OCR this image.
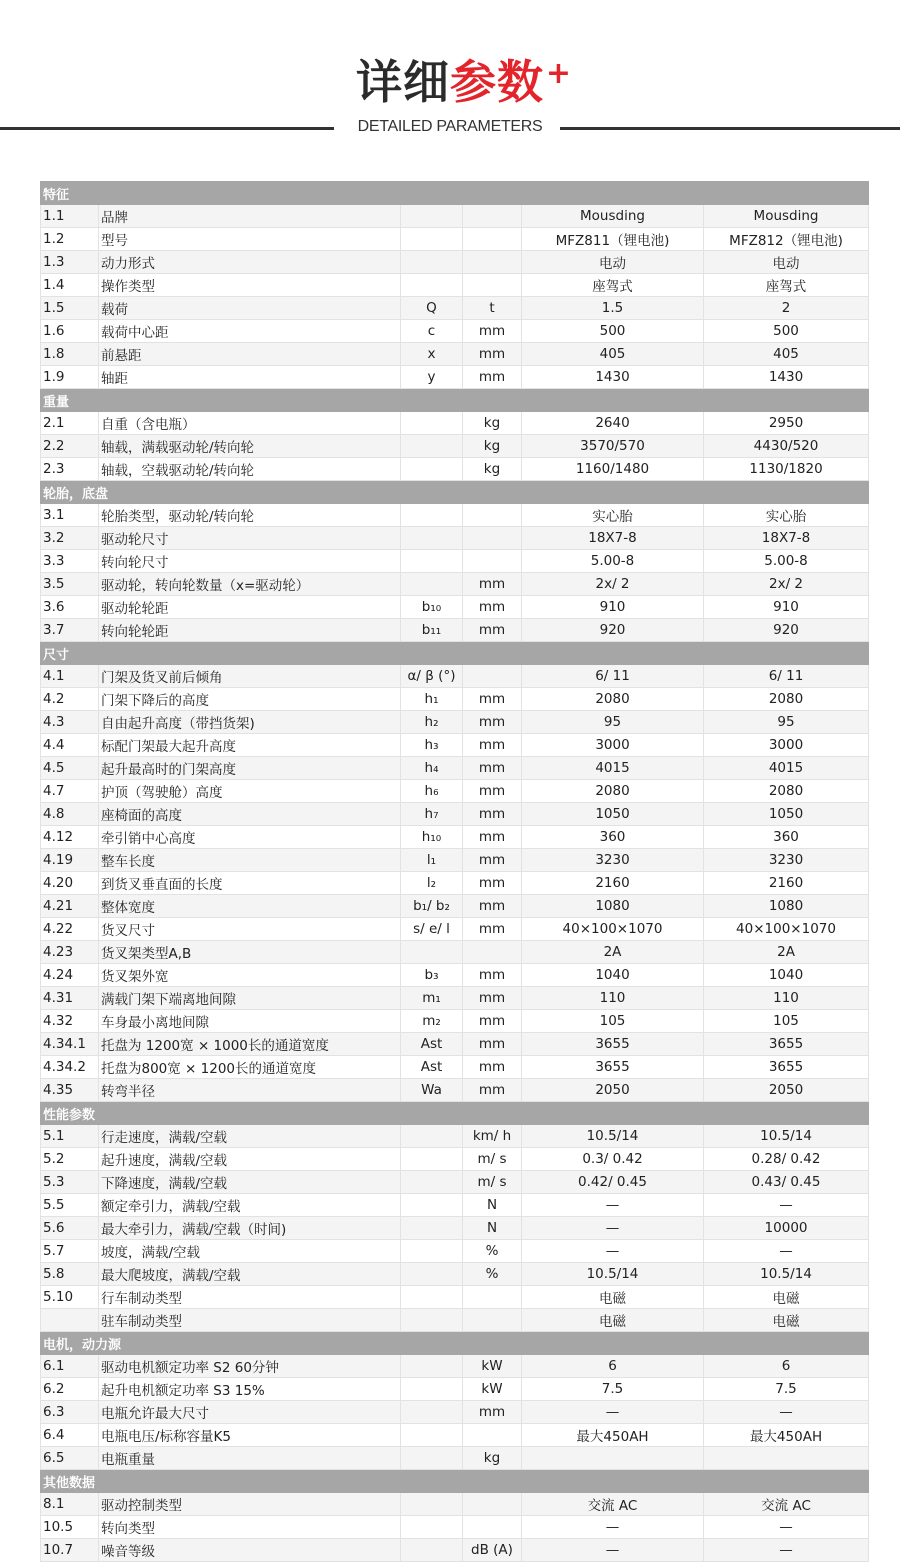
详细参数 +
DETAILED PARAMETERS
特征					
1.1	品牌			Mousding	Mousding
1.2	型号			MFZ811（锂电池)	MFZ812（锂电池)
1.3	动力形式			电动	电动
1.4	操作类型			座驾式	座驾式
1.5	载荷	Q	t	1.5	2
1.6	载荷中心距	c	mm	500	500
1.8	前悬距	x	mm	405	405
1.9	轴距	y	mm	1430	1430
重量					
2.1	自重（含电瓶）		kg	2640	2950
2.2	轴载，满载驱动轮/转向轮		kg	3570/570	4430/520
2.3	轴载，空载驱动轮/转向轮		kg	1160/1480	1130/1820
轮胎，底盘					
3.1	轮胎类型，驱动轮/转向轮			实心胎	实心胎
3.2	驱动轮尺寸			18X7-8	18X7-8
3.3	转向轮尺寸			5.00-8	5.00-8
3.5	驱动轮，转向轮数量（x=驱动轮）		mm	2x/ 2	2x/ 2
3.6	驱动轮轮距	b₁₀	mm	910	910
3.7	转向轮轮距	b₁₁	mm	920	920
尺寸					
4.1	门架及货叉前后倾角	α/ β (°)		6/ 11	6/ 11
4.2	门架下降后的高度	h₁	mm	2080	2080
4.3	自由起升高度（带挡货架)	h₂	mm	95	95
4.4	标配门架最大起升高度	h₃	mm	3000	3000
4.5	起升最高时的门架高度	h₄	mm	4015	4015
4.7	护顶（驾驶舱）高度	h₆	mm	2080	2080
4.8	座椅面的高度	h₇	mm	1050	1050
4.12	牵引销中心高度	h₁₀	mm	360	360
4.19	整车长度	l₁	mm	3230	3230
4.20	到货叉垂直面的长度	l₂	mm	2160	2160
4.21	整体宽度	b₁/ b₂	mm	1080	1080
4.22	货叉尺寸	s/ e/ l	mm	40×100×1070	40×100×1070
4.23	货叉架类型A,B			2A	2A
4.24	货叉架外宽	b₃	mm	1040	1040
4.31	满载门架下端离地间隙	m₁	mm	110	110
4.32	车身最小离地间隙	m₂	mm	105	105
4.34.1	托盘为 1200宽 × 1000长的通道宽度	Ast	mm	3655	3655
4.34.2	托盘为800宽 × 1200长的通道宽度	Ast	mm	3655	3655
4.35	转弯半径	Wa	mm	2050	2050
性能参数					
5.1	行走速度，满载/空载		km/ h	10.5/14	10.5/14
5.2	起升速度，满载/空载		m/ s	0.3/ 0.42	0.28/ 0.42
5.3	下降速度，满载/空载		m/ s	0.42/ 0.45	0.43/ 0.45
5.5	额定牵引力，满载/空载		N	—	—
5.6	最大牵引力，满载/空载（时间)		N	—	10000
5.7	坡度，满载/空载		%	—	—
5.8	最大爬坡度，满载/空载		%	10.5/14	10.5/14
5.10	行车制动类型			电磁	电磁
	驻车制动类型			电磁	电磁
电机，动力源					
6.1	驱动电机额定功率 S2 60分钟		kW	6	6
6.2	起升电机额定功率 S3 15%		kW	7.5	7.5
6.3	电瓶允许最大尺寸		mm	—	—
6.4	电瓶电压/标称容量K5			最大450AH	最大450AH
6.5	电瓶重量		kg		
其他数据					
8.1	驱动控制类型			交流 AC	交流 AC
10.5	转向类型			—	—
10.7	噪音等级		dB (A)	—	—
